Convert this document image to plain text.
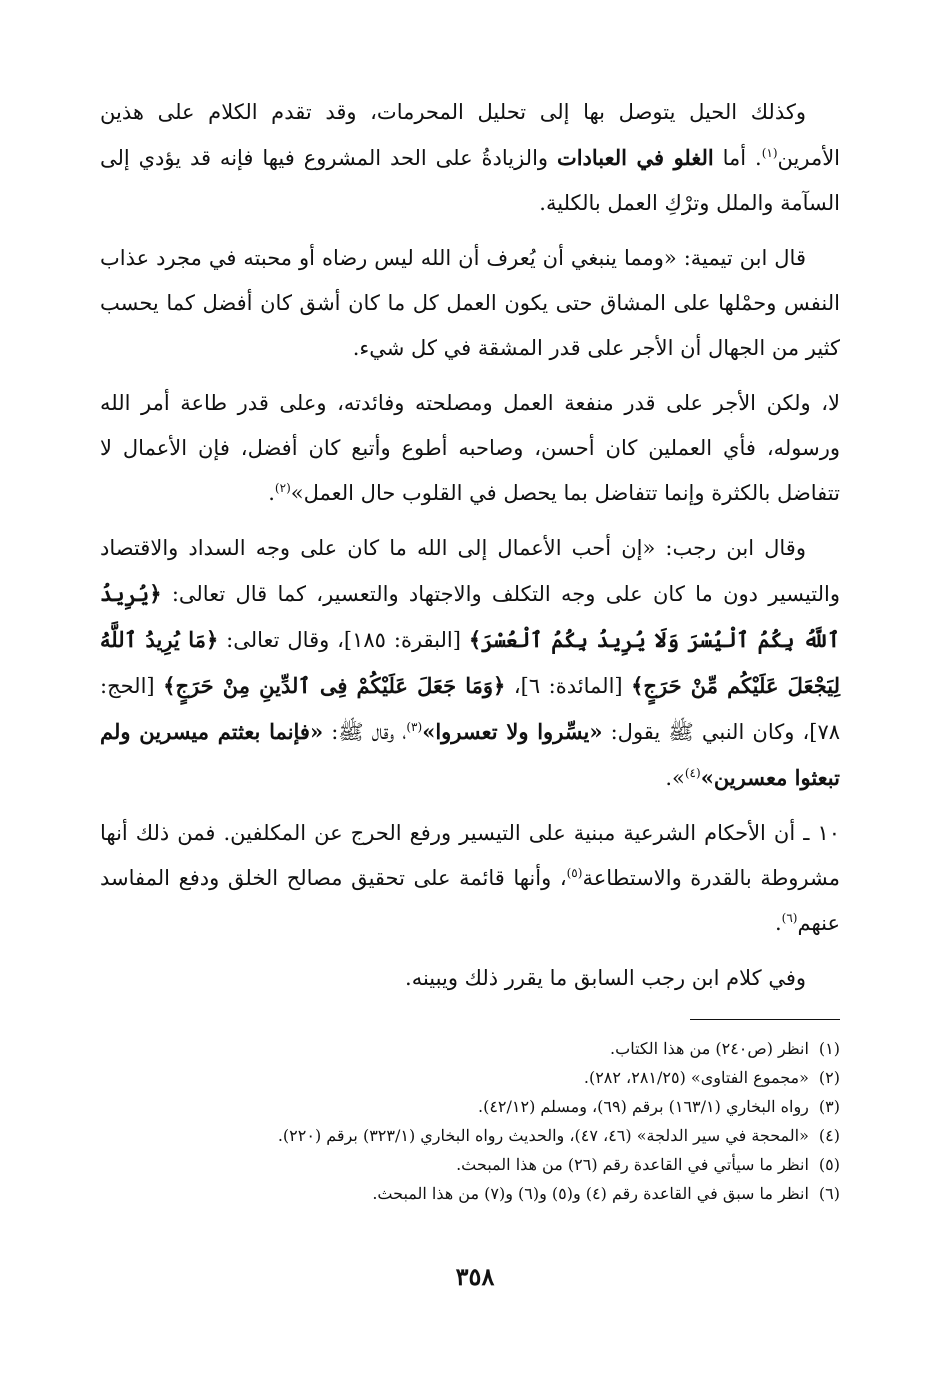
وكذلك الحيل يتوصل بها إلى تحليل المحرمات، وقد تقدم الكلام على هذين الأمرين$^{(١)}$. أما الغلو في العبادات والزيادةُ على الحد المشروع فيها فإنه قد يؤدي إلى السآمة والملل وترْكِ العمل بالكلية.

قال ابن تيمية: «ومما ينبغي أن يُعرف أن الله ليس رضاه أو محبته في مجرد عذاب النفس وحمْلها على المشاق حتى يكون العمل كل ما كان أشق كان أفضل كما يحسب كثير من الجهال أن الأجر على قدر المشقة في كل شيء.

لا، ولكن الأجر على قدر منفعة العمل ومصلحته وفائدته، وعلى قدر طاعة أمر الله ورسوله، فأي العملين كان أحسن، وصاحبه أطوع وأتبع كان أفضل، فإن الأعمال لا تتفاضل بالكثرة وإنما تتفاضل بما يحصل في القلوب حال العمل»$^{(٢)}$.

وقال ابن رجب: «إن أحب الأعمال إلى الله ما كان على وجه السداد والاقتصاد والتيسير دون ما كان على وجه التكلف والاجتهاد والتعسير، كما قال تعالى: ﴿يُرِيدُ ٱللَّهُ بِكُمُ ٱلْيُسْرَ وَلَا يُرِيدُ بِكُمُ ٱلْعُسْرَ﴾ [البقرة: ١٨٥]، وقال تعالى: ﴿مَا يُرِيدُ ٱللَّهُ لِيَجْعَلَ عَلَيْكُم مِّنْ حَرَجٍ﴾ [المائدة: ٦]، ﴿وَمَا جَعَلَ عَلَيْكُمْ فِى ٱلدِّينِ مِنْ حَرَجٍ﴾ [الحج: ٧٨]، وكان النبي ﷺ يقول: «يسِّروا ولا تعسروا»$^{(٣)}$، وقال ﷺ: «فإنما بعثتم ميسرين ولم تبعثوا معسرين»$^{(٤)}$».

١٠ ـ أن الأحكام الشرعية مبنية على التيسير ورفع الحرج عن المكلفين. فمن ذلك أنها مشروطة بالقدرة والاستطاعة$^{(٥)}$، وأنها قائمة على تحقيق مصالح الخلق ودفع المفاسد عنهم$^{(٦)}$.

وفي كلام ابن رجب السابق ما يقرر ذلك ويبينه.

(١)انظر (ص٢٤٠) من هذا الكتاب.
(٢)«مجموع الفتاوى» (٢٨١/٢٥، ٢٨٢).
(٣)رواه البخاري (١٦٣/١) برقم (٦٩)، ومسلم (٤٢/١٢).
(٤)«المحجة في سير الدلجة» (٤٦، ٤٧)، والحديث رواه البخاري (٣٢٣/١) برقم (٢٢٠).
(٥)انظر ما سيأتي في القاعدة رقم (٢٦) من هذا المبحث.
(٦)انظر ما سبق في القاعدة رقم (٤) و(٥) و(٦) و(٧) من هذا المبحث.
٣٥٨
